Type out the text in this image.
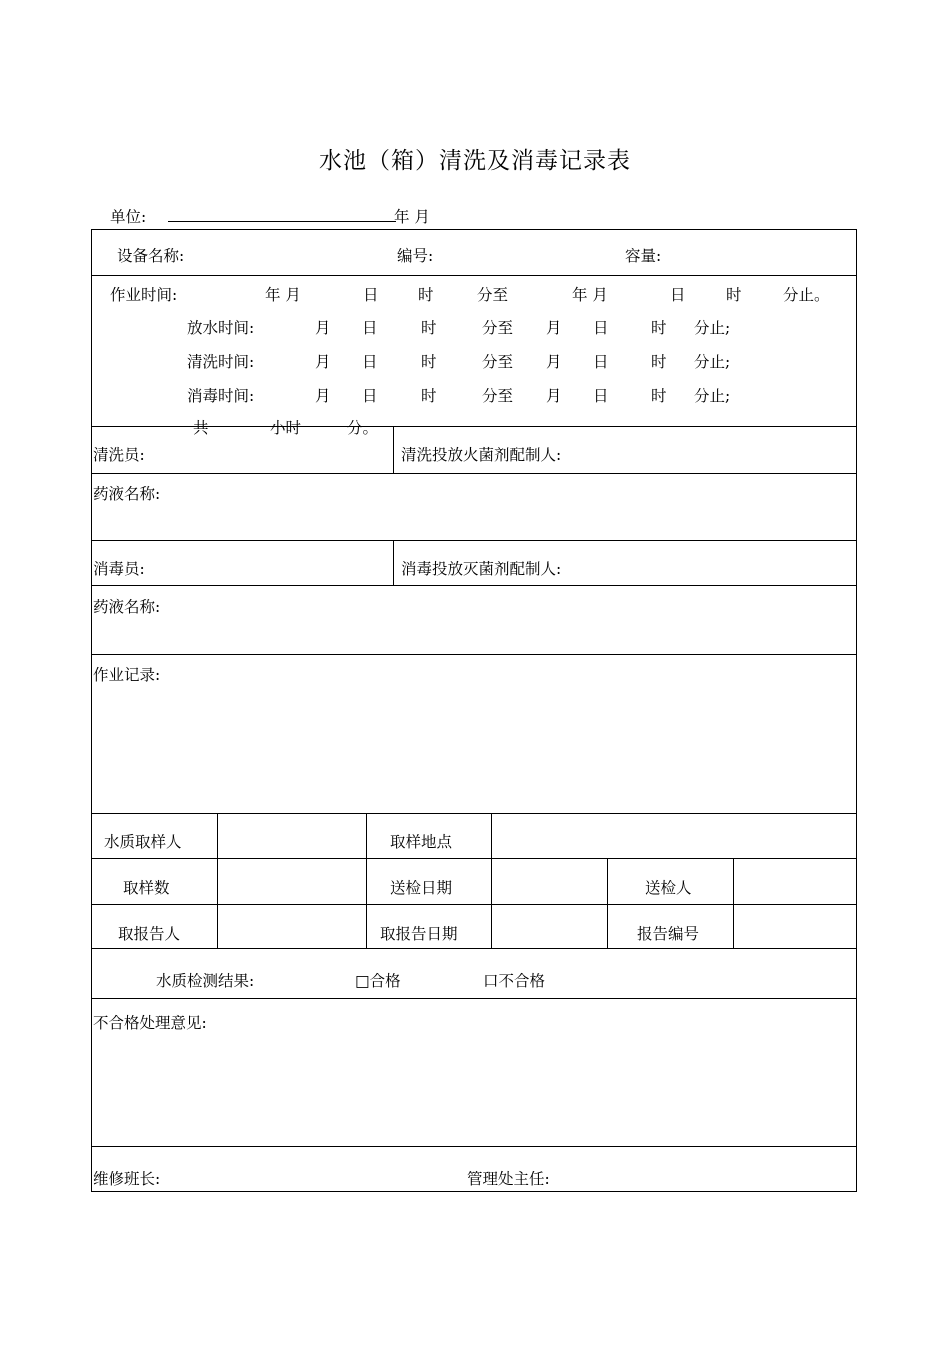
水池（箱）清洗及消毒记录表
单位:	年 月
设备名称:	编号:	容量:
作业时间:	年 月	日	时	分至	年 月	日	时	分止。
放水时间:	月 日	时	分至 月 日	时 分止;
清洗时间:	月 日	时	分至 月 日	时 分止;
消毒时间:	月 日	时	分至 月 日	时 分止;
共	小时	分。
清洗员:	清洗投放火菌剂配制人:
药液名称:
消毒员:	消毒投放灭菌剂配制人:
药液名称:
作业记录:
水质取样人	取样地点
取样数	送检日期	送检人
取报告人	取报告日期	报告编号
水质检测结果:	□合格	口不合格
不合格处理意见:
维修班长:	管理处主任:
